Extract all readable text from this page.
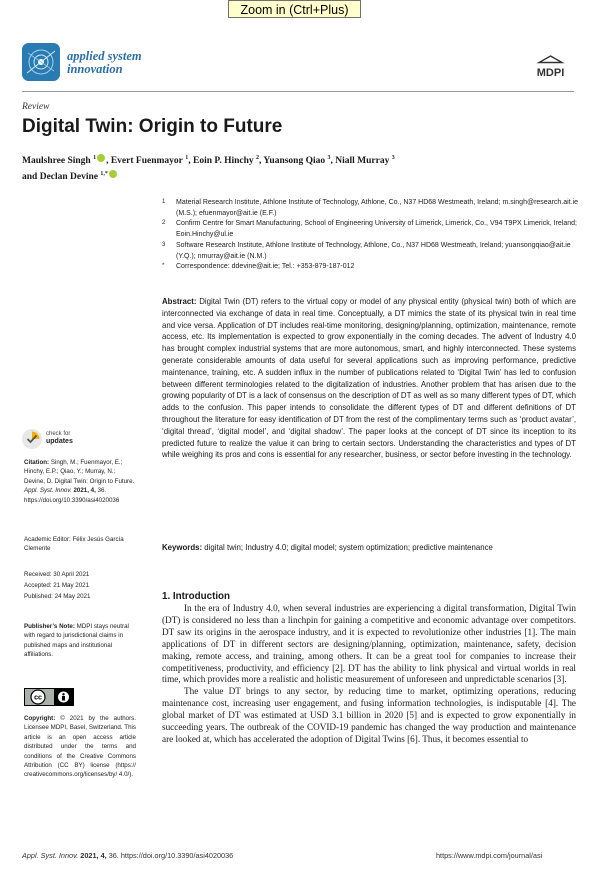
Zoom in (Ctrl+Plus)
applied system
innovation	MDPI
Review
Digital Twin: Origin to Future
Maulshree Singh $^1$ , Evert Fuenmayor $^1$, Eoin P. Hinchy $^2$, Yuansong Qiao $^3$, Niall Murray $^3$
and Declan Devine $^{1,*}$
1 Material Research Institute, Athlone Institute of Technology, Athlone, Co., N37 HD68 Westmeath, Ireland; m.singh@research.ait.ie (M.S.); efuenmayor@ait.ie (E.F.)
2 Confirm Centre for Smart Manufacturing, School of Engineering University of Limerick, Limerick, Co., V94 T9PX Limerick, Ireland; Eoin.Hinchy@ul.ie
3 Software Research Institute, Athlone Institute of Technology, Athlone, Co., N37 HD68 Westmeath, Ireland; yuansongqiao@ait.ie (Y.Q.); nmurray@ait.ie (N.M.)
* Correspondence: ddevine@ait.ie; Tel.: +353-879-187-012
Abstract: Digital Twin (DT) refers to the virtual copy or model of any physical entity (physical twin) both of which are interconnected via exchange of data in real time. Conceptually, a DT mimics the state of its physical twin in real time and vice versa. Application of DT includes real-time monitoring, designing/planning, optimization, maintenance, remote access, etc. Its implementation is expected to grow exponentially in the coming decades. The advent of Industry 4.0 has brought complex industrial systems that are more autonomous, smart, and highly interconnected. These systems generate considerable amounts of data useful for several applications such as improving performance, predictive maintenance, training, etc. A sudden influx in the number of publications related to ‘Digital Twin’ has led to confusion between different terminologies related to the digitalization of industries. Another problem that has arisen due to the growing popularity of DT is a lack of consensus on the description of DT as well as so many different types of DT, which adds to the confusion. This paper intends to consolidate the different types of DT and different definitions of DT throughout the literature for easy identification of DT from the rest of the complimentary terms such as ‘product avatar’, ‘digital thread’, ‘digital model’, and ‘digital shadow’. The paper looks at the concept of DT since its inception to its predicted future to realize the value it can bring to certain sectors. Understanding the characteristics and types of DT while weighing its pros and cons is essential for any researcher, business, or sector before investing in the technology.
Keywords: digital twin; Industry 4.0; digital model; system optimization; predictive maintenance
check for
updates
Citation: Singh, M.; Fuenmayor, E.; Hinchy, E.P.; Qiao, Y.; Murray, N.; Devine, D. Digital Twin: Origin to Future. Appl. Syst. Innov. 2021, 4, 36. https://doi.org/10.3390/asi4020036
Academic Editor: Félix Jesús García Clemente
Received: 30 April 2021
Accepted: 21 May 2021
Published: 24 May 2021
Publisher’s Note: MDPI stays neutral with regard to jurisdictional claims in published maps and institutional affiliations.
cc
Copyright: © 2021 by the authors. Licensee MDPI, Basel, Switzerland. This article is an open access article distributed under the terms and conditions of the Creative Commons Attribution (CC BY) license (https:// creativecommons.org/licenses/by/ 4.0/).
1. Introduction

In the era of Industry 4.0, when several industries are experiencing a digital transformation, Digital Twin (DT) is considered no less than a linchpin for gaining a competitive and economic advantage over competitors. DT saw its origins in the aerospace industry, and it is expected to revolutionize other industries [1]. The main applications of DT in different sectors are designing/planning, optimization, maintenance, safety, decision making, remote access, and training, among others. It can be a great tool for companies to increase their competitiveness, productivity, and efficiency [2]. DT has the ability to link physical and virtual worlds in real time, which provides more a realistic and holistic measurement of unforeseen and unpredictable scenarios [3].

The value DT brings to any sector, by reducing time to market, optimizing operations, reducing maintenance cost, increasing user engagement, and fusing information technologies, is indisputable [4]. The global market of DT was estimated at USD 3.1 billion in 2020 [5] and is expected to grow exponentially in succeeding years. The outbreak of the COVID-19 pandemic has changed the way production and maintenance are looked at, which has accelerated the adoption of Digital Twins [6]. Thus, it becomes essential to

Appl. Syst. Innov. 2021, 4, 36. https://doi.org/10.3390/asi4020036	https://www.mdpi.com/journal/asi
